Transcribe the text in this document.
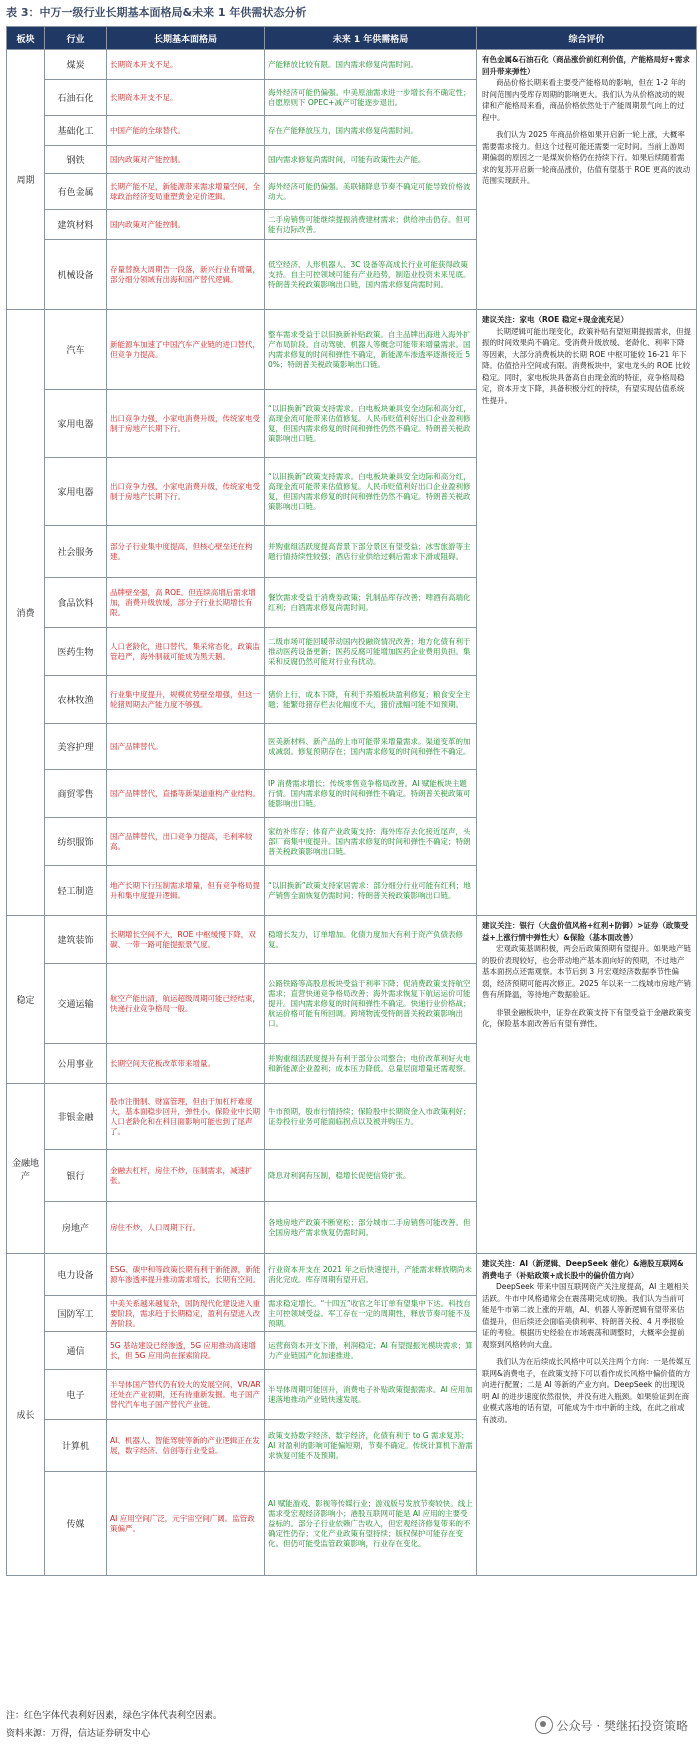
表 3：中万一级行业长期基本面格局&未来 1 年供需状态分析
板块	行业	长期基本面格局	未来 1 年供需格局	综合评价
周期	煤炭	长期资本开支不足。	产能释放比较有限。国内需求修复尚需时间。	有色金属&石油石化（商品涨价前红利价值，产能格局好+需求回升带来弹性）

商品价格长期来看主要受产能格局的影响，但在 1-2 年的时间范围内受库存周期的影响更大。我们认为从价格波动的规律和产能格局来看，商品价格依然处于产能周期景气向上的过程中。

我们认为 2025 年商品价格如果开启新一轮上涨，大概率需要需求接力。但这个过程可能还需要一定时间。当前上游周期偏弱的原因之一是煤炭价格仍在持续下行。如果后续随着需求的复苏开启新一轮商品涨价，估值有望基于 ROE 更高的波动范围实现跃升。

	石油石化	长期资本开支不足。	海外经济可能仍偏强。中美原油需求进一步增长有不确定性；自愿原则下 OPEC+减产可能逐步退出。	
	基础化工	中国产能的全球替代。	存在产能释放压力，国内需求修复尚需时间。	
	钢铁	国内政策对产能控制。	国内需求修复尚需时间，可能有政策性去产能。	
	有色金属	长期产能不足，新能源带来需求增量空间，全球政治经济变局重塑黄金定价逻辑。	海外经济可能仍偏强。美联储降息节奏不确定可能导致价格波动大。	
	建筑材料	国内政策对产能控制。	二手房销售可能继续提振消费建材需求；供给冲击仍存。但可能有边际改善。	
	机械设备	存量替换大周期告一段落，新兴行业有增量，部分细分领域有出海和国产替代逻辑。	低空经济、人形机器人、3C 设备等高成长行业可能获得政策支持。自主可控领域可能有产业趋势，制造业投资未来见底。特朗普关税政策影响出口链，国内需求修复尚需时间。	
消费	汽车	新能源车加速了中国汽车产业链的进口替代，但竞争力提高。	整车需求受益于以旧换新补贴政策。自主品牌出海进入海外扩产布局阶段。自动驾驶、机器人等概念可能带来增量需求。国内需求修复的时间和弹性不确定，新能源车渗透率逐渐接近 50%；特朗普关税政策影响出口链。	建议关注：家电（ROE 稳定+现金流充足）

长期逻辑可能出现变化，政策补贴有望短期提振需求，但提振的时间效果尚不确定。受消费升级放缓、老龄化、利率下降等因素，大部分消费板块的长期 ROE 中枢可能较 16-21 年下降。估值拾升空间或有限。消费板块中，家电龙头的 ROE 比较稳定。同时，家电板块具备高自由现金流的特征，竞争格局稳定，资本开支下降，具备积极分红的持续，有望实现估值系统性提升。

	家用电器	出口竞争力强，小家电消费升级，传统家电受制于房地产长期下行。	“以旧换新”政策支持需求。白电板块兼具安全边际和高分红，高现金流可能带来估值修复。人民币贬值利好出口企业盈利修复，但国内需求修复的时间和弹性仍然不确定。特朗普关税政策影响出口链。	
	家用电器	出口竞争力强，小家电消费升级，传统家电受制于房地产长期下行。	“以旧换新”政策支持需求。白电板块兼具安全边际和高分红，高现金流可能带来估值修复。人民币贬值利好出口企业盈利修复，但国内需求修复的时间和弹性仍然不确定。特朗普关税政策影响出口链。	
	社会服务	部分子行业集中度提高，但核心壁垒还在构建。	并购重组活跃度提高背景下部分景区有望受益；冰雪旅游等主题行情持续性较强；酒店行业供给过剩后需求下滑或阻碍。	
	食品饮料	品牌壁垒强，高 ROE。但连续高增后需求增加，消费升级放缓，部分子行业长期增长有限。	餐饮需求受益于消费券政策；乳制品库存改善；啤酒有高端化红利；白酒需求修复尚需时间。	
	医药生物	人口老龄化，进口替代，集采常态化，政策监管趋严，海外制裁可能成为黑天鹅。	二级市场可能回暖带动国内投融资情况改善；地方化债有利于推动医药设备更新；医药反腐可能增加医药企业费用负担。集采和反腐仍然可能对行业有扰动。	
	农林牧渔	行业集中度提升，规模优势壁垒增强，但这一轮猪周期去产能力度不够强。	猪价上行，成本下降，有利于养殖板块盈利修复；粮食安全主题；能繁母猪存栏去化幅度不大，猪价涨幅可能不如预期。	
	美容护理	国产品牌替代。	医美新材料、新产品的上市可能带来增量需求。渠道变革的加成减弱。修复预期存在；国内需求修复的时间和弹性不确定。	
	商贸零售	国产品牌替代，直播等新渠道重构产业结构。	IP 消费需求增长；传统零售竞争格局改善。AI 赋能板块主题行情。国内需求修复的时间和弹性不确定。特朗普关税政策可能影响出口链。	
	纺织服饰	国产品牌替代，出口竞争力提高，毛利率较高。	家纺补库存；体育产业政策支持：海外库存去化接近尾声，头部厂商集中度提升。国内需求修复的时间和弹性不确定；特朗普关税政策影响出口链。	
	轻工制造	地产长期下行压制需求增量，但有竞争格局提升和集中度提升逻辑。	“以旧换新”政策支持家居需求：部分细分行业可能有红利；地产销售全面恢复仍需时间；特朗普关税政策影响出口链。	
稳定	建筑装饰	长期增长空间不大，ROE 中枢缓慢下降，双碳、一带一路可能提振景气度。	稳增长发力，订单增加。化债力度加大有利于资产负债表修复。	建议关注：银行（大盘价值风格+红利+防御）>证券（政策受益+上涨行情中弹性大）&保险（基本面改善）

宏观政策基调积极，两会后政策预期有望提升。如果地产链的股价表现较好，也会带动地产基本面向好的预期，不过地产基本面拐点还需观察。本节后到 3 月宏观经济数据季节性偏弱，经济预期可能再次修正。2025 年以来一二线城市房地产销售有所降温，等待地产数据验证。

非银金融板块中，证券在政策支持下有望受益于金融政策变化，保险基本面改善后有望有弹性。

	交通运输	航空产能出清，航运超级周期可能已经结束，快递行业竞争格局一般。	公路铁路等高股息板块受益于利率下降；促消费政策支持航空需求；直营快递竞争格局改善；海外需求恢复下航运运价可能提升。国内需求修复的时间和弹性不确定。快递行业价格战；航运价格可能有所回调。跨境物流受特朗普关税政策影响出口。	
	公用事业	长期空间天花板改革带来增量。	并购重组活跃度提升有利于部分公司整合；电价改革利好火电和新能源企业盈利；成本压力降低。总量层面增量还需观察。	
金融地产	非银金融	股市注册制、财富管理，但由于加杠杆难度大，基本面稳步回升，弹性小。保险业中长期人口老龄化和在科目面影响可能也到了尾声了。	牛市预期，股市行情持续；保险股中长期资金入市政策利好；证券投行业务可能面临拐点以及被并购压力。	
	银行	金融去杠杆，房住不炒，压制需求，减速扩张。	降息对利润有压制，稳增长促使信贷扩张。	
	房地产	房住不炒，人口周期下行。	各地房地产政策不断宽松；部分城市二手房销售可能改善。但全国房地产需求恢复仍需时间。	
成长	电力设备	ESG、碳中和等政策长期有利于新能源，新能源车渗透率提升推动需求增长，长期有空间。	行业资本开支在 2021 年之后快速提升，产能需求释放期尚未消化完成。库存周期有望开启。	建议关注：AI（新逻辑、DeepSeek 催化）&港股互联网&消费电子（补贴政策+成长股中的偏价值方向）

DeepSeek 带来中国互联网资产关注度提高，AI 主题相关活跃。牛市中风格通常会在震荡期完成切换。我们认为当前可能是牛市第二波上涨的开端，AI、机器人等新逻辑有望带来估值提升，但后续还会面临美债利率、特朗普关税、4 月季报验证的考验。根据历史经验在市场震荡和调整时，大概率会提前观察到风格转向大盘。

我们认为在后续成长风格中可以关注两个方向：一是传媒互联网&消费电子，在政策支持下可以看作成长风格中偏价值的方向进行配置；二是 AI 等新的产业方向。DeepSeek 的出现说明 AI 的进步速度依然很快，并没有进入瓶颈。如果验证到在商业模式落地的话有望，可能成为牛市中新的主线，在此之前或有波动。

	国防军工	中美关系越来越复杂，国防现代化建设进入重要阶段，需求趋于长期稳定，盈利有望进入改善阶段。	需求稳定增长。“十四五”收官之年订单有望集中下达。科技自主可控领域受益。军工存在一定的周期性，释放节奏可能不及预期。	
	通信	5G 基站建设已经渗透，5G 应用推动高速增长，但 5G 应用尚在探索阶段。	运营商资本开支下滑，利润稳定；AI 有望提振光模块需求；算力产业链国产化加速推进。	
	电子	半导体国产替代仍有较大的发展空间，VR/AR 还处在产业初期，还有待重新发掘。电子国产替代汽车电子国产替代产业链。	半导体周期可能回升，消费电子补贴政策提振需求。AI 应用加速落地推动产业链快速发展。	
	计算机	AI、机器人、智能驾驶等新的产业逻辑正在发展，数字经济、信创等行业受益。	政策支持数字经济、数字经济，化债有利于 to G 需求复苏；AI 对盈利的影响可能偏短期，节奏不确定。传统计算机下游需求恢复可能不及预期。	
	传媒	AI 应用空间广泛，元宇宙空间广阔。监管政策偏严。	AI 赋能游戏、影视等传媒行业；游戏版号发放节奏较快。线上需求受宏观经济影响小；港股互联网可能是 AI 应用的主要受益标的。部分子行业依赖广告收入，但宏观经济修复带来的不确定性仍存；文化产业政策有望持续；版权保护可能存在变化。但仍可能受监管政策影响，行业存在变化。	
注：红色字体代表利好因素，绿色字体代表利空因素。
资料来源：万得，信达证券研发中心
公众号 · 樊继拓投资策略
